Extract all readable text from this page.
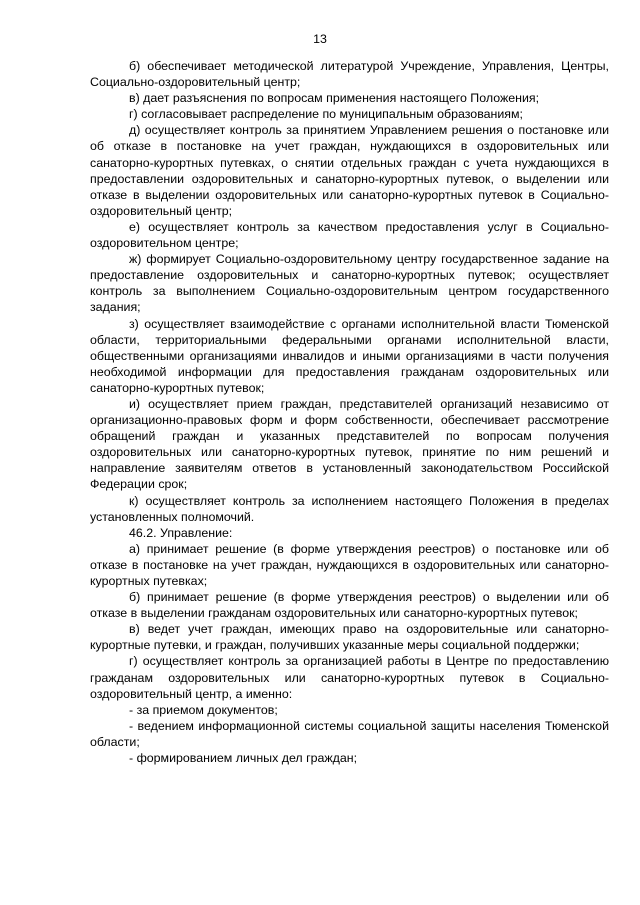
13

б) обеспечивает методической литературой Учреждение, Управления, Центры, Социально-оздоровительный центр;

в) дает разъяснения по вопросам применения настоящего Положения;

г) согласовывает распределение по муниципальным образованиям;

д) осуществляет контроль за принятием Управлением решения о постановке или об отказе в постановке на учет граждан, нуждающихся в оздоровительных или санаторно-курортных путевках, о снятии отдельных граждан с учета нуждающихся в предоставлении оздоровительных и санаторно-курортных путевок, о выделении или отказе в выделении оздоровительных или санаторно-курортных путевок в Социально-оздоровительный центр;

е) осуществляет контроль за качеством предоставления услуг в Социально-оздоровительном центре;

ж) формирует Социально-оздоровительному центру государственное задание на предоставление оздоровительных и санаторно-курортных путевок; осуществляет контроль за выполнением Социально-оздоровительным центром государственного задания;

з) осуществляет взаимодействие с органами исполнительной власти Тюменской области, территориальными федеральными органами исполнительной власти, общественными организациями инвалидов и иными организациями в части получения необходимой информации для предоставления гражданам оздоровительных или санаторно-курортных путевок;

и) осуществляет прием граждан, представителей организаций независимо от организационно-правовых форм и форм собственности, обеспечивает рассмотрение обращений граждан и указанных представителей по вопросам получения оздоровительных или санаторно-курортных путевок, принятие по ним решений и направление заявителям ответов в установленный законодательством Российской Федерации срок;

к) осуществляет контроль за исполнением настоящего Положения в пределах установленных полномочий.

46.2. Управление:

а) принимает решение (в форме утверждения реестров) о постановке или об отказе в постановке на учет граждан, нуждающихся в оздоровительных или санаторно-курортных путевках;

б) принимает решение (в форме утверждения реестров) о выделении или об отказе в выделении гражданам оздоровительных или санаторно-курортных путевок;

в) ведет учет граждан, имеющих право на оздоровительные или санаторно-курортные путевки, и граждан, получивших указанные меры социальной поддержки;

г) осуществляет контроль за организацией работы в Центре по предоставлению гражданам оздоровительных или санаторно-курортных путевок в Социально-оздоровительный центр, а именно:

- за приемом документов;

- ведением информационной системы социальной защиты населения Тюменской области;

- формированием личных дел граждан;
